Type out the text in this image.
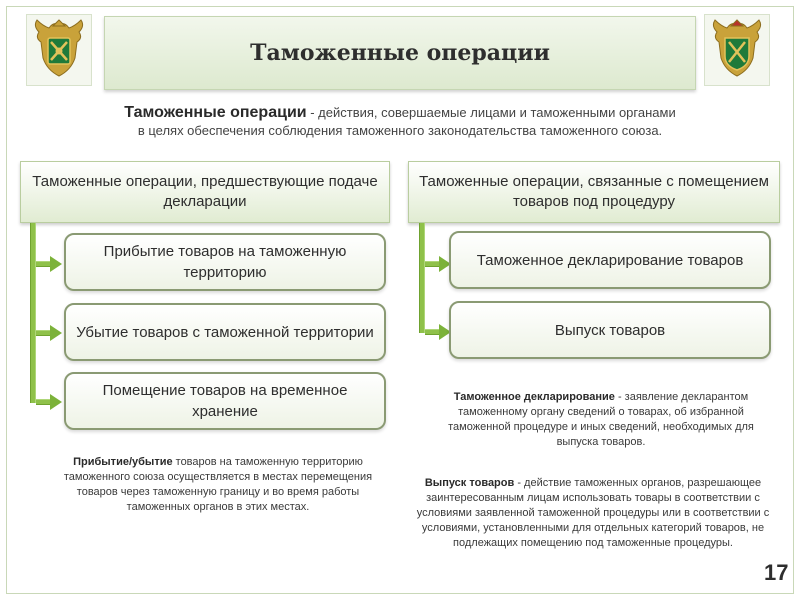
Таможенные операции
Таможенные операции - действия, совершаемые лицами и таможенными органами
в целях обеспечения соблюдения таможенного законодательства таможенного союза.
Таможенные операции, предшествующие подаче декларации
Таможенные операции, связанные с помещением товаров под процедуру
Прибытие товаров на таможенную территорию
Убытие товаров с таможенной территории
Помещение товаров на временное хранение
Таможенное декларирование товаров
Выпуск товаров
Прибытие/убытие товаров на таможенную территорию таможенного союза осуществляется в местах перемещения товаров через таможенную границу и во время работы таможенных органов в этих местах.
Таможенное декларирование - заявление декларантом таможенному органу сведений о товарах, об избранной таможенной процедуре и иных сведений, необходимых для выпуска товаров.
Выпуск товаров - действие таможенных органов, разрешающее заинтересованным лицам использовать товары в соответствии с условиями заявленной таможенной процедуры или в соответствии с условиями, установленными для отдельных категорий товаров, не подлежащих помещению под таможенные процедуры.
17
